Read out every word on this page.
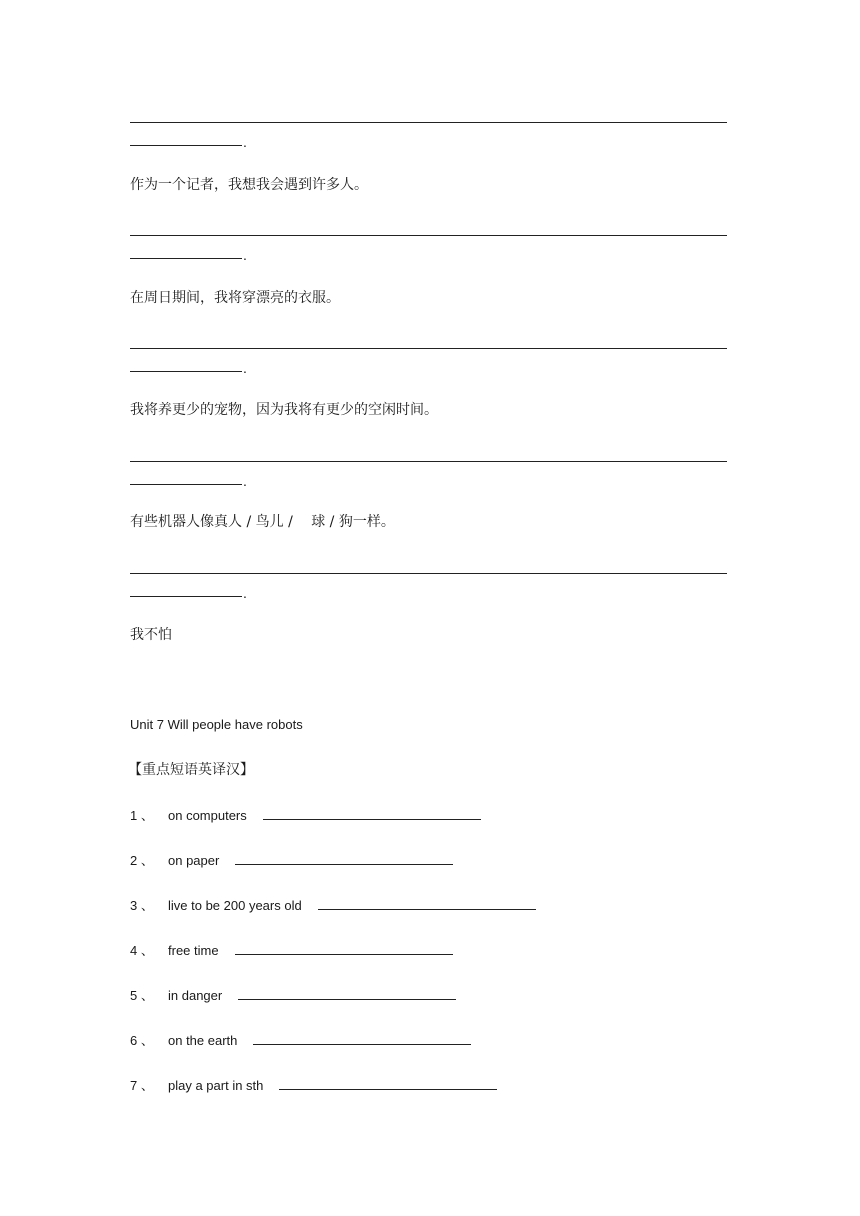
.
作为一个记者，我想我会遇到许多人。
.
在周日期间，我将穿漂亮的衣服。
.
我将养更少的宠物，因为我将有更少的空闲时间。
.
有些机器人像真人 / 鸟儿 / 　球 / 狗一样。
.
我不怕
Unit 7 Will people have robots
【重点短语英译汉】
1 、 on computers
2 、 on paper
3 、 live to be 200 years old
4 、 free time
5 、 in danger
6 、 on the earth
7 、 play a part in sth
